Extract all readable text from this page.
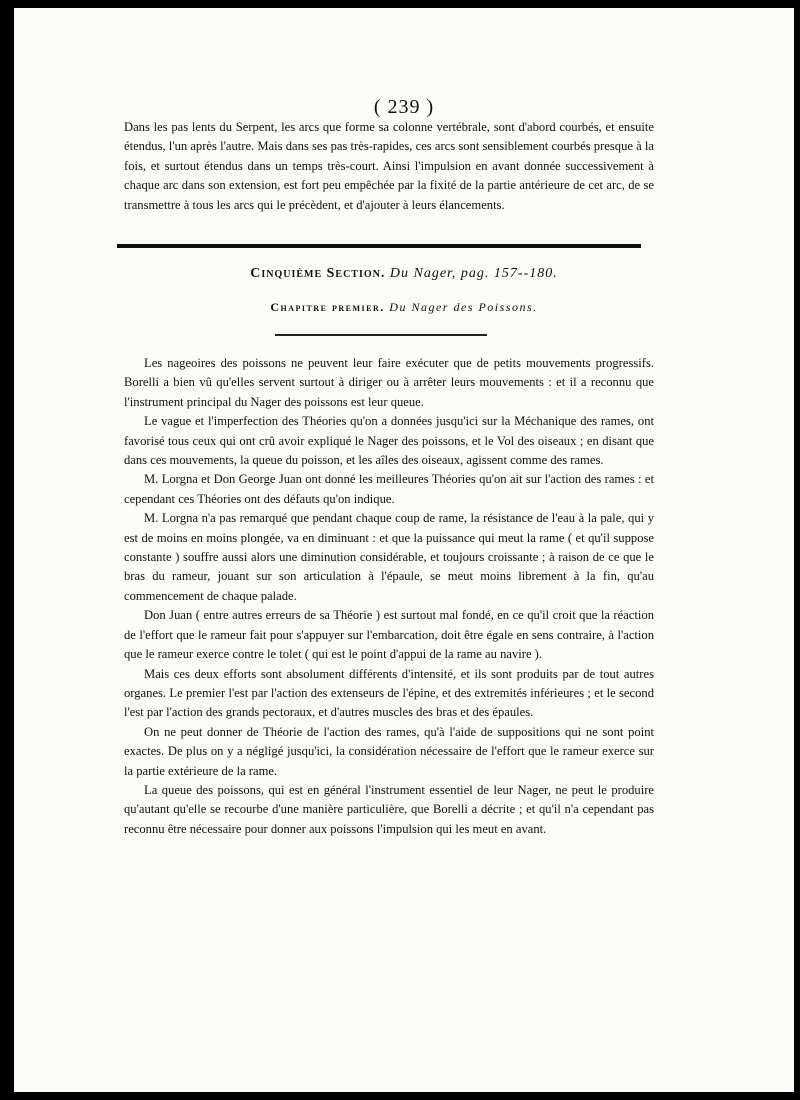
( 239 )

Dans les pas lents du Serpent, les arcs que forme sa colonne vertébrale, sont d'abord courbés, et ensuite étendus, l'un après l'autre. Mais dans ses pas très-rapides, ces arcs sont sensiblement courbés presque à la fois, et surtout étendus dans un temps très-court. Ainsi l'impulsion en avant donnée successivement à chaque arc dans son extension, est fort peu empêchée par la fixité de la partie antérieure de cet arc, de se transmettre à tous les arcs qui le précèdent, et d'ajouter à leurs élancements.

Cinquième Section. Du Nager, pag. 157--180.
Chapitre premier. Du Nager des Poissons.

Les nageoires des poissons ne peuvent leur faire exécuter que de petits mouvements progressifs. Borelli a bien vû qu'elles servent surtout à diriger ou à arrêter leurs mouvements : et il a reconnu que l'instrument principal du Nager des poissons est leur queue.

Le vague et l'imperfection des Théories qu'on a données jusqu'ici sur la Méchanique des rames, ont favorisé tous ceux qui ont crû avoir expliqué le Nager des poissons, et le Vol des oiseaux ; en disant que dans ces mouvements, la queue du poisson, et les aîles des oiseaux, agissent comme des rames.

M. Lorgna et Don George Juan ont donné les meilleures Théories qu'on ait sur l'action des rames : et cependant ces Théories ont des défauts qu'on indique.

M. Lorgna n'a pas remarqué que pendant chaque coup de rame, la résistance de l'eau à la pale, qui y est de moins en moins plongée, va en diminuant : et que la puissance qui meut la rame ( et qu'il suppose constante ) souffre aussi alors une diminution considérable, et toujours croissante ; à raison de ce que le bras du rameur, jouant sur son articulation à l'épaule, se meut moins librement à la fin, qu'au commencement de chaque palade.

Don Juan ( entre autres erreurs de sa Théorie ) est surtout mal fondé, en ce qu'il croit que la réaction de l'effort que le rameur fait pour s'appuyer sur l'embarcation, doit être égale en sens contraire, à l'action que le rameur exerce contre le tolet ( qui est le point d'appui de la rame au navire ).

Mais ces deux efforts sont absolument différents d'intensité, et ils sont produits par de tout autres organes. Le premier l'est par l'action des extenseurs de l'épine, et des extremités inférieures ; et le second l'est par l'action des grands pectoraux, et d'autres muscles des bras et des épaules.

On ne peut donner de Théorie de l'action des rames, qu'à l'aide de suppositions qui ne sont point exactes. De plus on y a négligé jusqu'ici, la considération nécessaire de l'effort que le rameur exerce sur la partie extérieure de la rame.

La queue des poissons, qui est en général l'instrument essentiel de leur Nager, ne peut le produire qu'autant qu'elle se recourbe d'une manière particulière, que Borelli a décrite ; et qu'il n'a cependant pas reconnu être nécessaire pour donner aux poissons l'impulsion qui les meut en avant.
